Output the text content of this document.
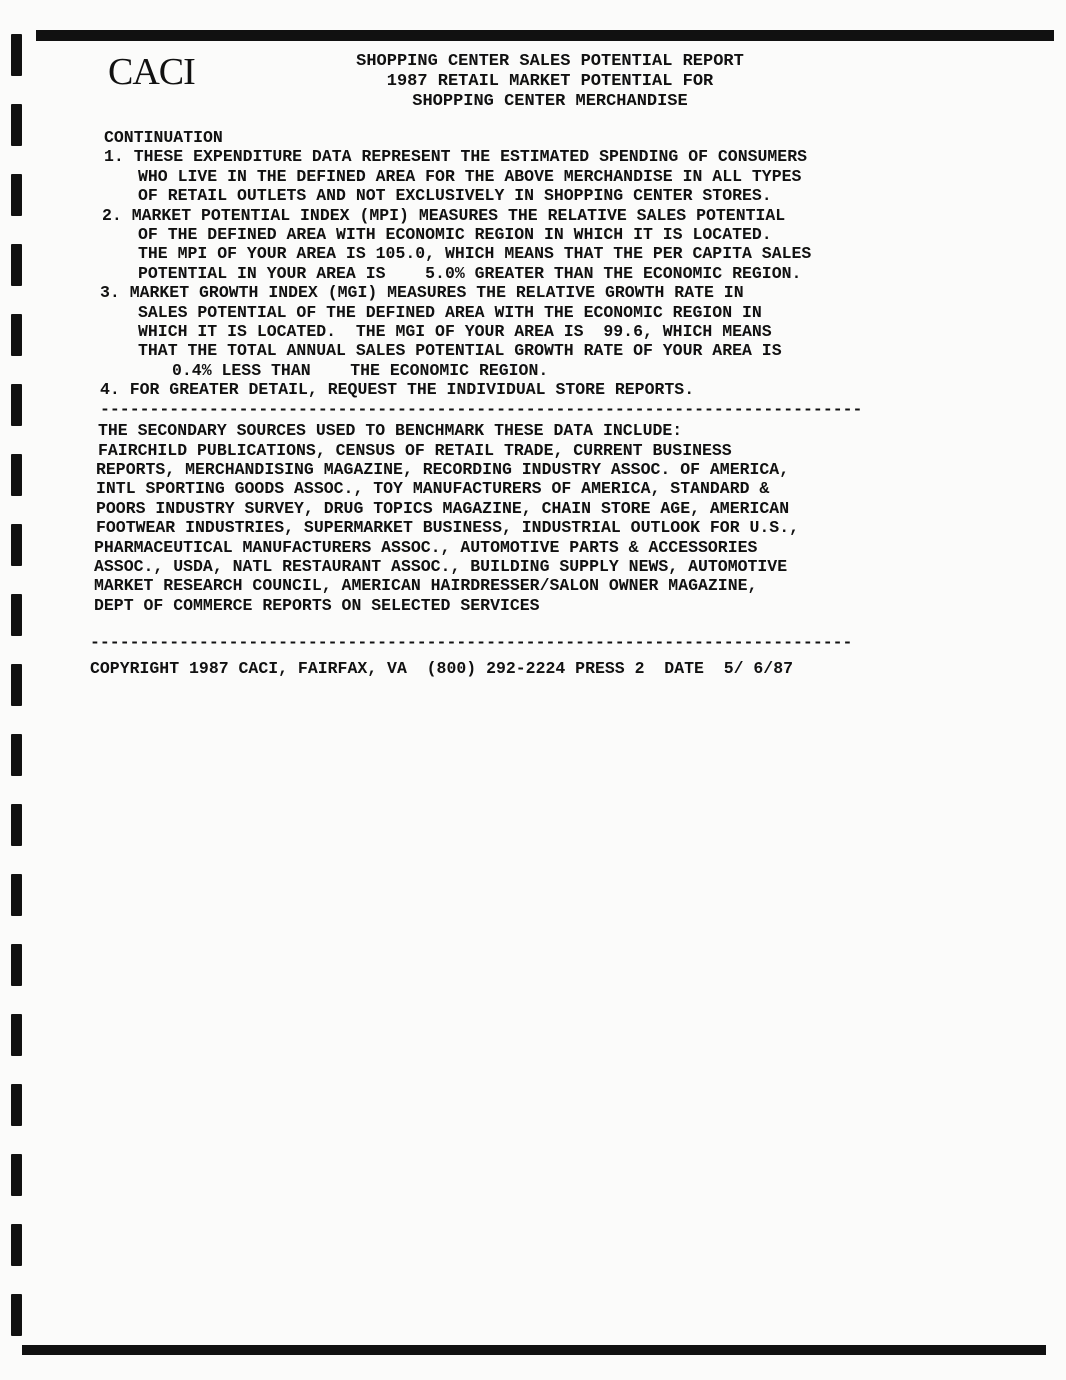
CACI	SHOPPING CENTER SALES POTENTIAL REPORT
1987 RETAIL MARKET POTENTIAL FOR
SHOPPING CENTER MERCHANDISE
CONTINUATION
1. THESE EXPENDITURE DATA REPRESENT THE ESTIMATED SPENDING OF CONSUMERS
WHO LIVE IN THE DEFINED AREA FOR THE ABOVE MERCHANDISE IN ALL TYPES
OF RETAIL OUTLETS AND NOT EXCLUSIVELY IN SHOPPING CENTER STORES.
2. MARKET POTENTIAL INDEX (MPI) MEASURES THE RELATIVE SALES POTENTIAL
OF THE DEFINED AREA WITH ECONOMIC REGION IN WHICH IT IS LOCATED.
THE MPI OF YOUR AREA IS 105.0, WHICH MEANS THAT THE PER CAPITA SALES
POTENTIAL IN YOUR AREA IS    5.0% GREATER THAN THE ECONOMIC REGION.
3. MARKET GROWTH INDEX (MGI) MEASURES THE RELATIVE GROWTH RATE IN
SALES POTENTIAL OF THE DEFINED AREA WITH THE ECONOMIC REGION IN
WHICH IT IS LOCATED.  THE MGI OF YOUR AREA IS  99.6, WHICH MEANS
THAT THE TOTAL ANNUAL SALES POTENTIAL GROWTH RATE OF YOUR AREA IS
0.4% LESS THAN    THE ECONOMIC REGION.
4. FOR GREATER DETAIL, REQUEST THE INDIVIDUAL STORE REPORTS.
-----------------------------------------------------------------------------
THE SECONDARY SOURCES USED TO BENCHMARK THESE DATA INCLUDE:
FAIRCHILD PUBLICATIONS, CENSUS OF RETAIL TRADE, CURRENT BUSINESS
REPORTS, MERCHANDISING MAGAZINE, RECORDING INDUSTRY ASSOC. OF AMERICA,
INTL SPORTING GOODS ASSOC., TOY MANUFACTURERS OF AMERICA, STANDARD &
POORS INDUSTRY SURVEY, DRUG TOPICS MAGAZINE, CHAIN STORE AGE, AMERICAN
FOOTWEAR INDUSTRIES, SUPERMARKET BUSINESS, INDUSTRIAL OUTLOOK FOR U.S.,
PHARMACEUTICAL MANUFACTURERS ASSOC., AUTOMOTIVE PARTS & ACCESSORIES
ASSOC., USDA, NATL RESTAURANT ASSOC., BUILDING SUPPLY NEWS, AUTOMOTIVE
MARKET RESEARCH COUNCIL, AMERICAN HAIRDRESSER/SALON OWNER MAGAZINE,
DEPT OF COMMERCE REPORTS ON SELECTED SERVICES
-----------------------------------------------------------------------------
COPYRIGHT 1987 CACI, FAIRFAX, VA  (800) 292-2224 PRESS 2  DATE  5/ 6/87
